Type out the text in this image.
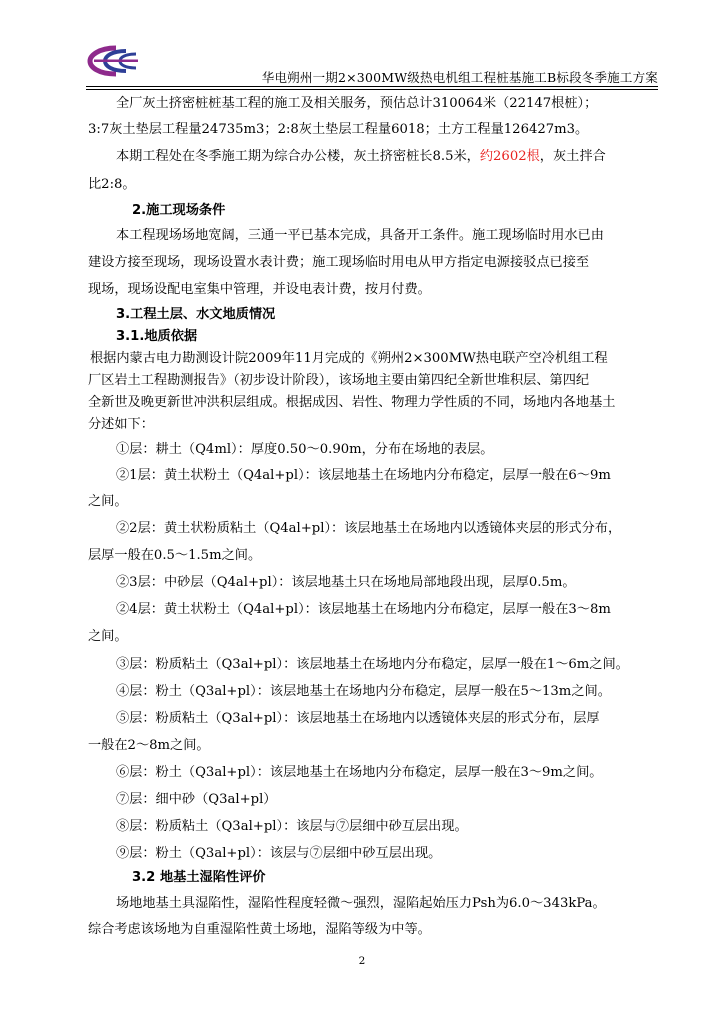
华电朔州一期2×300MW级热电机组工程桩基施工B标段冬季施工方案
全厂灰土挤密桩桩基工程的施工及相关服务，预估总计310064米（22147根桩）；
3:7灰土垫层工程量24735m3；2:8灰土垫层工程量6018；土方工程量126427m3。
本期工程处在冬季施工期为综合办公楼，灰土挤密桩长8.5米，约2602根，灰土拌合
比2:8。
2.施工现场条件
本工程现场场地宽阔，三通一平已基本完成，具备开工条件。施工现场临时用水已由
建设方接至现场，现场设置水表计费；施工现场临时用电从甲方指定电源接驳点已接至
现场，现场设配电室集中管理，并设电表计费，按月付费。
3.工程土层、水文地质情况
3.1.地质依据
根据内蒙古电力勘测设计院2009年11月完成的《朔州2×300MW热电联产空冷机组工程
厂区岩土工程勘测报告》（初步设计阶段），该场地主要由第四纪全新世堆积层、第四纪
全新世及晚更新世冲洪积层组成。根据成因、岩性、物理力学性质的不同，场地内各地基土
分述如下：
①层：耕土（Q4ml）：厚度0.50～0.90m，分布在场地的表层。
②1层：黄土状粉土（Q4al+pl）：该层地基土在场地内分布稳定，层厚一般在6～9m
之间。
②2层：黄土状粉质粘土（Q4al+pl）：该层地基土在场地内以透镜体夹层的形式分布，
层厚一般在0.5～1.5m之间。
②3层：中砂层（Q4al+pl）：该层地基土只在场地局部地段出现，层厚0.5m。
②4层：黄土状粉土（Q4al+pl）：该层地基土在场地内分布稳定，层厚一般在3～8m
之间。
③层：粉质粘土（Q3al+pl）：该层地基土在场地内分布稳定，层厚一般在1～6m之间。
④层：粉土（Q3al+pl）：该层地基土在场地内分布稳定，层厚一般在5～13m之间。
⑤层：粉质粘土（Q3al+pl）：该层地基土在场地内以透镜体夹层的形式分布，层厚
一般在2～8m之间。
⑥层：粉土（Q3al+pl）：该层地基土在场地内分布稳定，层厚一般在3～9m之间。
⑦层：细中砂（Q3al+pl）
⑧层：粉质粘土（Q3al+pl）：该层与⑦层细中砂互层出现。
⑨层：粉土（Q3al+pl）：该层与⑦层细中砂互层出现。
3.2 地基土湿陷性评价
场地地基土具湿陷性，湿陷性程度轻微～强烈，湿陷起始压力Psh为6.0～343kPa。
综合考虑该场地为自重湿陷性黄土场地，湿陷等级为中等。
2
